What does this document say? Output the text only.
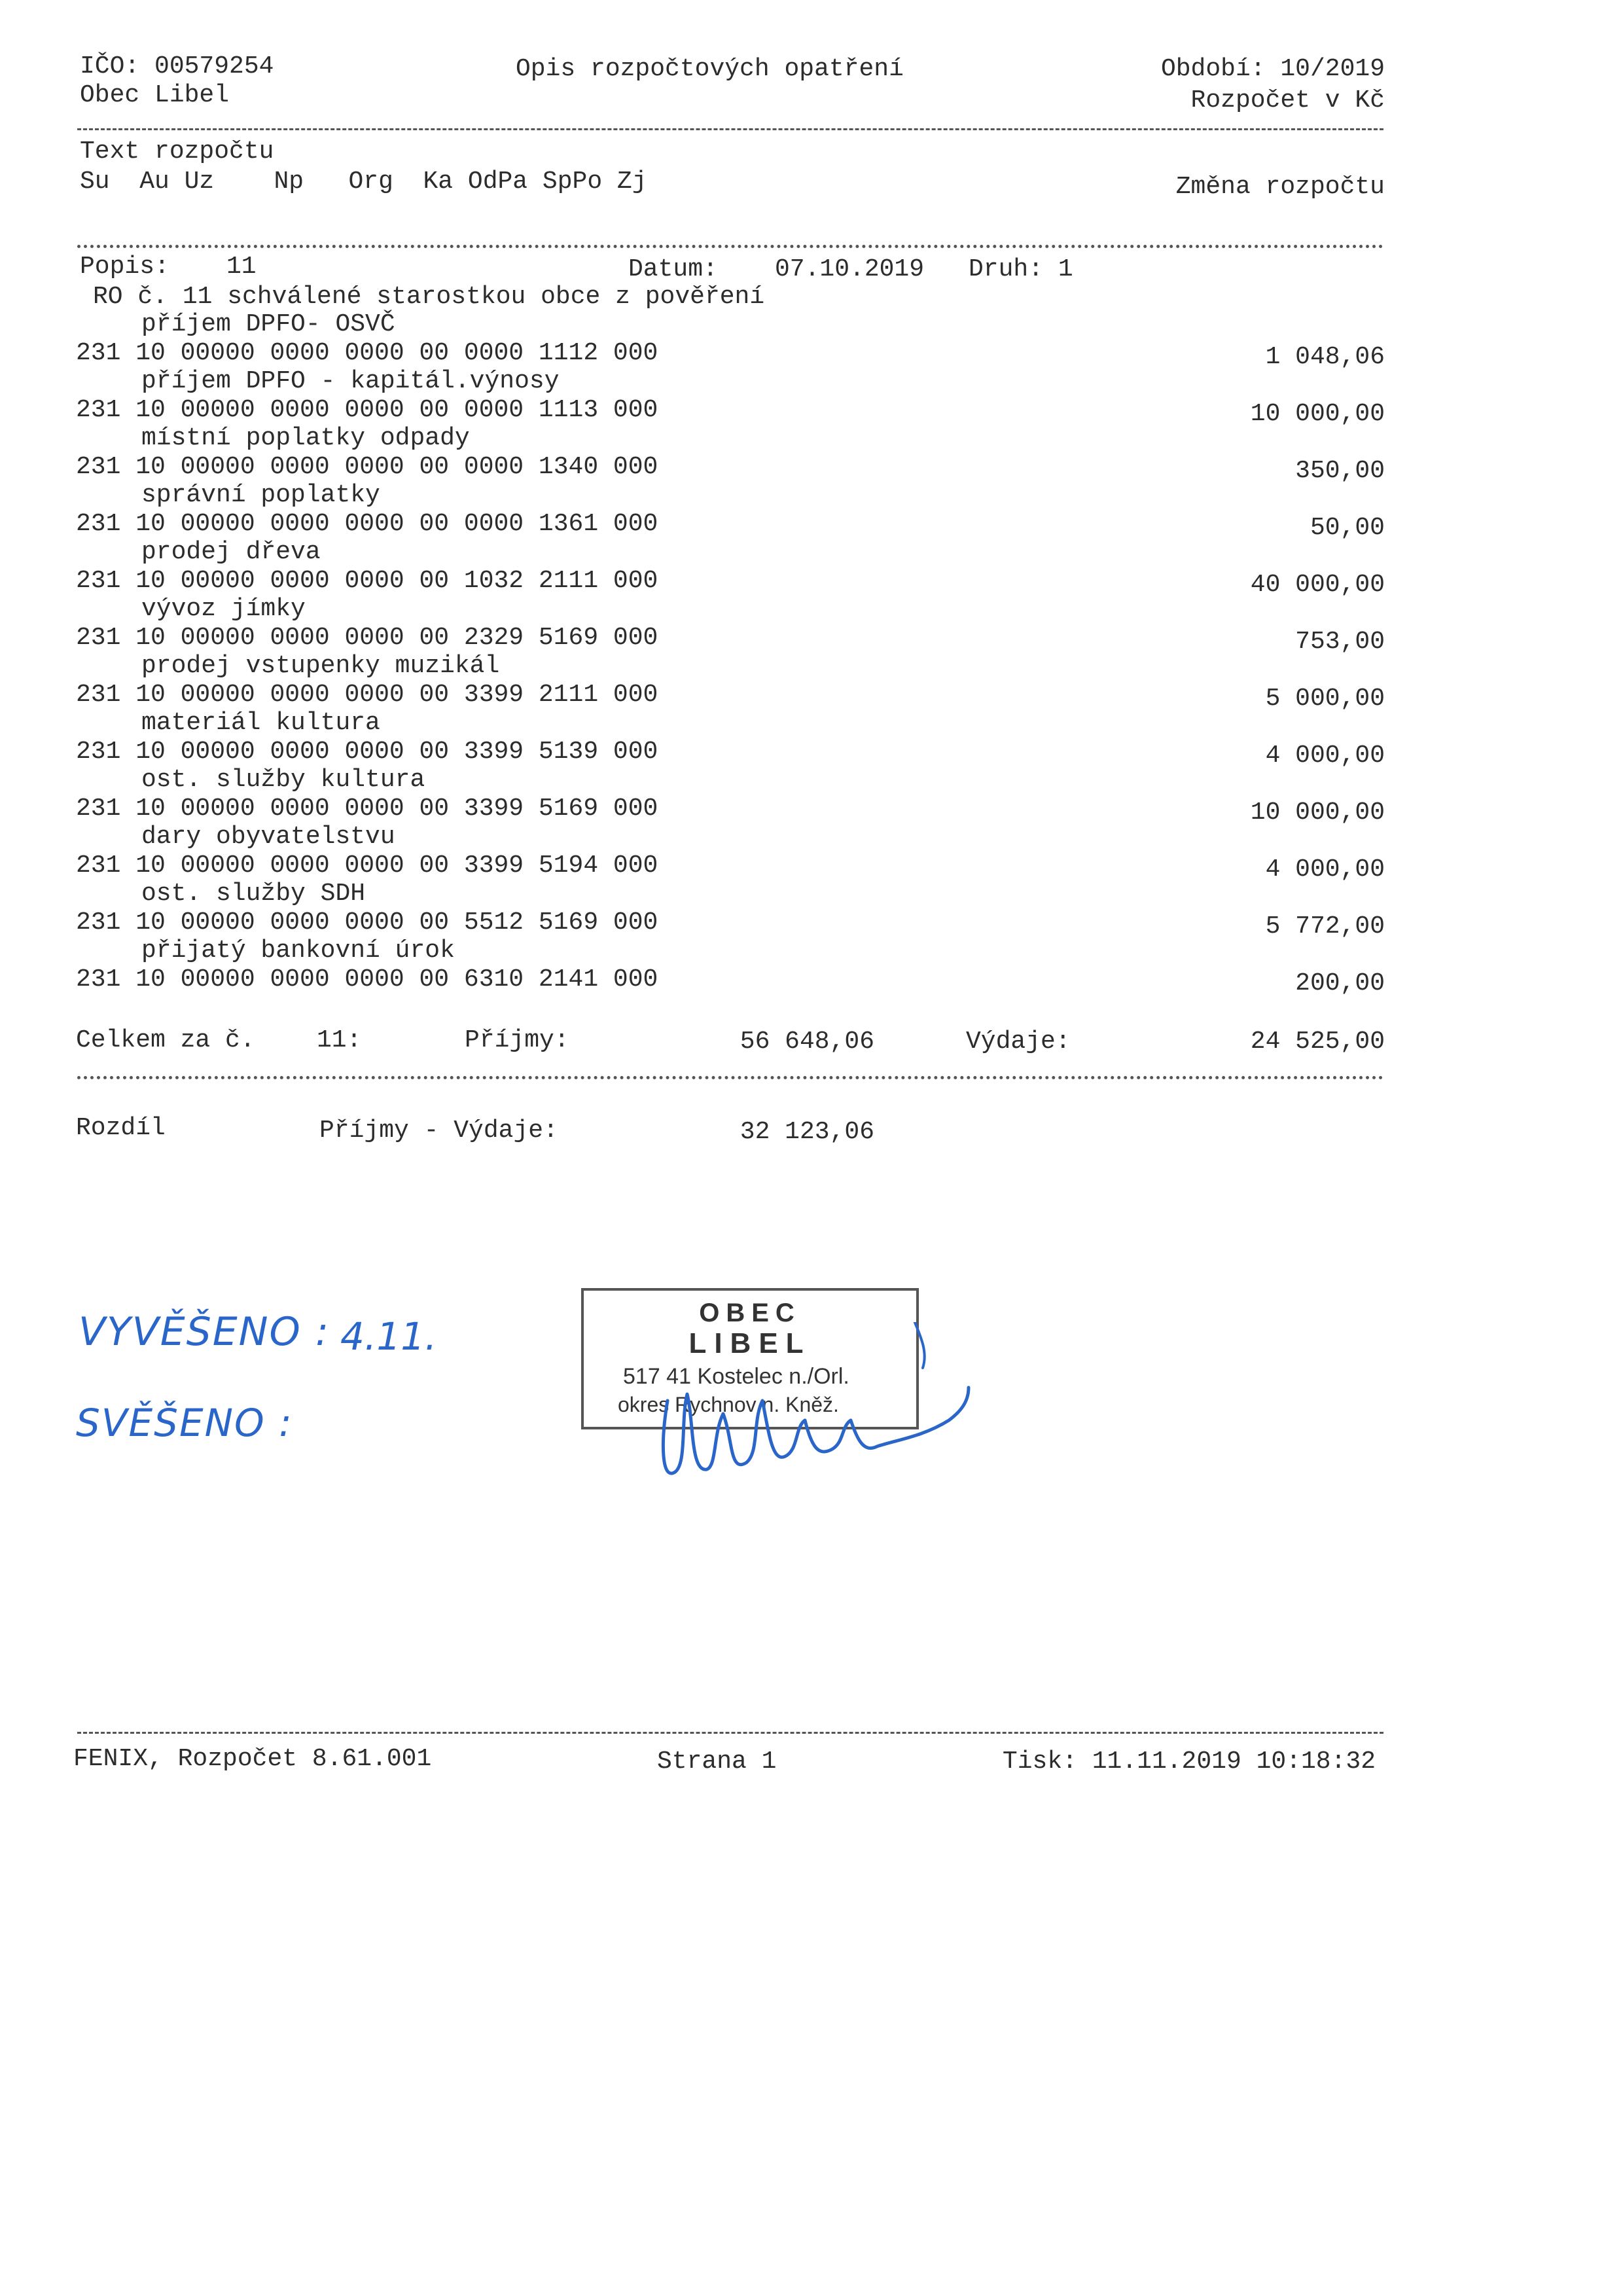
IČO: 00579254
Obec Libel
Opis rozpočtových opatření	Období: 10/2019
Rozpočet v Kč
Text rozpočtu
Su  Au Uz    Np   Org  Ka OdPa SpPo Zj	Změna rozpočtu
Popis: 11	Datum: 07.10.2019 Druh: 1
RO č. 11 schválené starostkou obce z pověření
příjem DPFO- OSVČ
231 10 00000 0000 0000 00 0000 1112 000	1 048,06
příjem DPFO - kapitál.výnosy
231 10 00000 0000 0000 00 0000 1113 000	10 000,00
místní poplatky odpady
231 10 00000 0000 0000 00 0000 1340 000	350,00
správní poplatky
231 10 00000 0000 0000 00 0000 1361 000	50,00
prodej dřeva
231 10 00000 0000 0000 00 1032 2111 000	40 000,00
vývoz jímky
231 10 00000 0000 0000 00 2329 5169 000	753,00
prodej vstupenky muzikál
231 10 00000 0000 0000 00 3399 2111 000	5 000,00
materiál kultura
231 10 00000 0000 0000 00 3399 5139 000	4 000,00
ost. služby kultura
231 10 00000 0000 0000 00 3399 5169 000	10 000,00
dary obyvatelstvu
231 10 00000 0000 0000 00 3399 5194 000	4 000,00
ost. služby SDH
231 10 00000 0000 0000 00 5512 5169 000	5 772,00
přijatý bankovní úrok
231 10 00000 0000 0000 00 6310 2141 000	200,00
Celkem za č. 11:	Příjmy:	56 648,06	Výdaje:	24 525,00
Rozdíl	Příjmy - Výdaje:	32 123,06
VYVĚŠENO : 4.11.
SVĚŠENO :
OBEC
LIBEL
517 41 Kostelec n./Orl.
okres Rychnov n. Kněž.
FENIX, Rozpočet 8.61.001	Strana 1	Tisk: 11.11.2019 10:18:32
